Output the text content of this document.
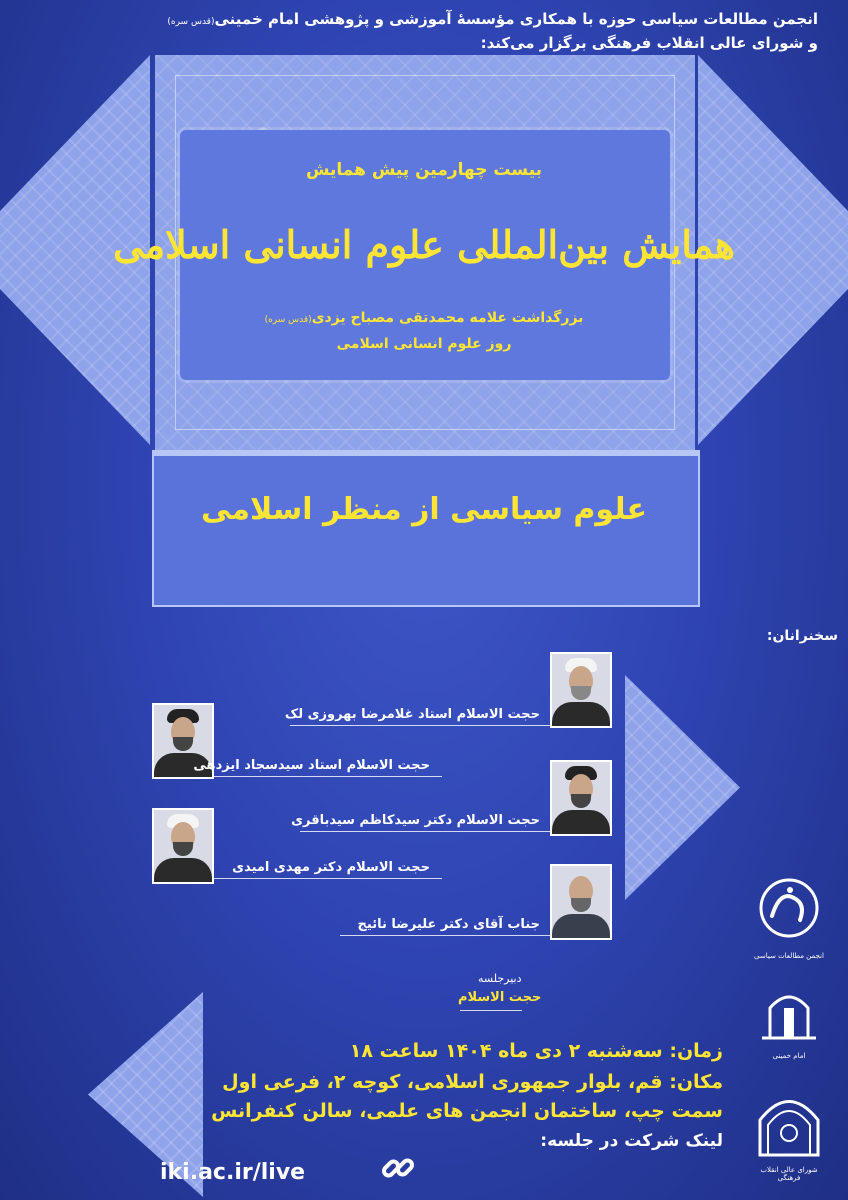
انجمن مطالعات سیاسی حوزه با همکاری مؤسسهٔ آموزشی و پژوهشی امام خمینی(قدس سره)
و شورای عالی انقلاب فرهنگی برگزار می‌کند:
بیست چهارمین پیش همایش
همایش بین‌المللی علوم انسانی اسلامی
بزرگداشت علامه محمدتقی مصباح یزدی(قدس سره)
روز علوم انسانی اسلامی
علوم سیاسی از منظر اسلامی
سخنرانان:
حجت الاسلام استاد غلامرضا بهروزی لک
حجت الاسلام استاد سیدسجاد ایزدهی
حجت الاسلام دکتر سیدکاظم سیدباقری
حجت الاسلام دکتر مهدی امیدی
جناب آقای دکتر علیرضا نائیج
دبیرجلسه
حجت الاسلام
زمان: سه‌شنبه ۲ دی ماه ۱۴۰۴ ساعت ۱۸
مکان: قم، بلوار جمهوری اسلامی، کوچه ۲، فرعی اول
سمت چپ، ساختمان انجمن های علمی، سالن کنفرانس
لینک شرکت در جلسه:
iki.ac.ir/live
انجمن مطالعات سیاسی
امام خمینی
شورای عالی انقلاب فرهنگی
